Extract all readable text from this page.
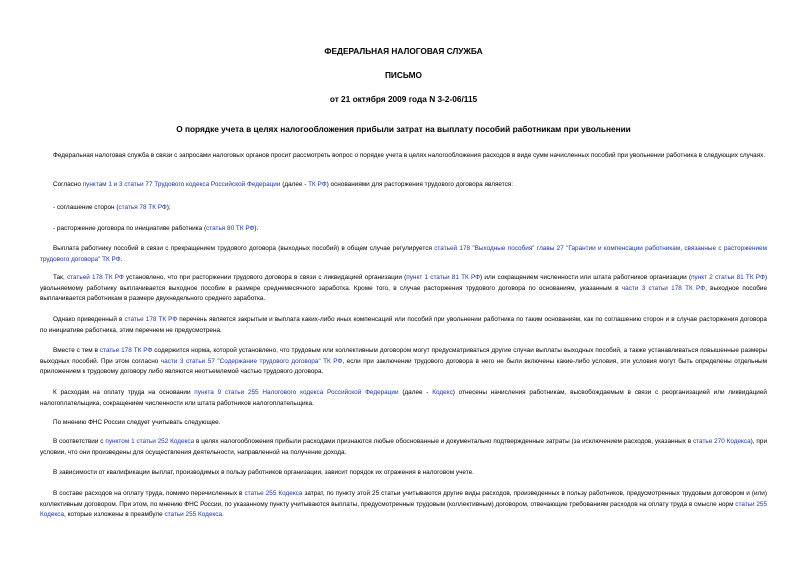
ФЕДЕРАЛЬНАЯ НАЛОГОВАЯ СЛУЖБА
ПИСЬМО
от 21 октября 2009 года N 3-2-06/115
О порядке учета в целях налогообложения прибыли затрат на выплату пособий работникам при увольнении

Федеральная налоговая служба в связи с запросами налоговых органов просит рассмотреть вопрос о порядке учета в целях налогообложения расходов в виде сумм начисленных пособий при увольнении работника в следующих случаях.

Согласно пунктам 1 и 3 статьи 77 Трудового кодекса Российской Федерации (далее - ТК РФ) основаниями для расторжения трудового договора является:

- соглашение сторон (статья 78 ТК РФ);

- расторжение договора по инициативе работника (статья 80 ТК РФ).

Выплата работнику пособий в связи с прекращением трудового договора (выходных пособий) в общем случае регулируется статьей 178 "Выходные пособия" главы 27 "Гарантии и компенсации работникам, связанные с расторжением трудового договора" ТК РФ.

Так, статьей 178 ТК РФ установлено, что при расторжении трудового договора в связи с ликвидацией организации (пункт 1 статьи 81 ТК РФ) или сокращением численности или штата работников организации (пункт 2 статьи 81 ТК РФ) увольняемому работнику выплачивается выходное пособие в размере среднемесячного заработка. Кроме того, в случае расторжения трудового договора по основаниям, указанным в части 3 статьи 178 ТК РФ, выходное пособие выплачивается работникам в размере двухнедельного среднего заработка.

Однако приведенный в статье 178 ТК РФ перечень является закрытым и выплата каких-либо иных компенсаций или пособий при увольнении работника по таким основаниям, как по соглашению сторон и в случае расторжения договора по инициативе работника, этим перечнем не предусмотрена.

Вместе с тем в статье 178 ТК РФ содержится норма, которой установлено, что трудовым или коллективным договором могут предусматриваться другие случаи выплаты выходных пособий, а также устанавливаться повышенные размеры выходных пособий. При этом согласно части 3 статьи 57 "Содержание трудового договора" ТК РФ, если при заключении трудового договора в него не были включены какие-либо условия, эти условия могут быть определены отдельным приложением к трудовому договору либо являются неотъемлемой частью трудового договора.

К расходам на оплату труда на основании пункта 9 статьи 255 Налогового кодекса Российской Федерации (далее - Кодекс) отнесены начисления работникам, высвобождаемым в связи с реорганизацией или ликвидацией налогоплательщика, сокращением численности или штата работников налогоплательщика.

По мнению ФНС России следует учитывать следующее.

В соответствии с пунктом 1 статьи 252 Кодекса в целях налогообложения прибыли расходами признаются любые обоснованные и документально подтвержденные затраты (за исключением расходов, указанных в статье 270 Кодекса), при условии, что они произведены для осуществления деятельности, направленной на получение дохода.

В зависимости от квалификации выплат, производимых в пользу работников организации, зависит порядок их отражения в налоговом учете.

В составе расходов на оплату труда, помимо перечисленных в статье 255 Кодекса затрат, по пункту этой 25 статьи учитываются другие виды расходов, произведенных в пользу работников, предусмотренных трудовым договором и (или) коллективным договором. При этом, по мнению ФНС России, по указанному пункту учитываются выплаты, предусмотренные трудовым (коллективным) договором, отвечающие требованиям расходов на оплату труда в смысле норм статьи 255 Кодекса, которые изложены в преамбуле статьи 255 Кодекса.
